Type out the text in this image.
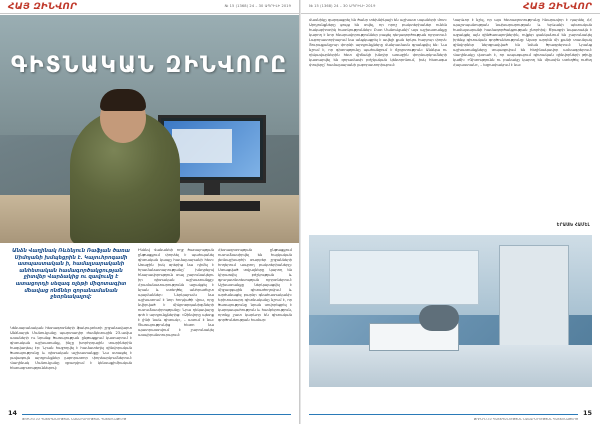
ՀԱՅ ԶԻՆՎՈՐ	№ 15 (1368) 24 – 30 ԱՊՐԻԼԻ 2019
ԳԻՏՆԱԿԱՆ ԶԻՆՎՈՐԸ
Անձն Վաղինակ Ռևենյուն Ռաֆյան ծառա Սիմոյանի խմպեցրին է. Կայուհրոգամի ատպաստական ի, համալսարականի անհետական համագործակցության ջիտվեր Վարձակից ու զավումը է ատացորդի սեզագ ռլեթի միզոտագիտ մեավաց ոնճներ զորանամանան ջեռրնակալով։
Կենսաբանական հետագոտների ֆակուլտետի շրջանավարտ Անձնարյե Մանուկյանը պարտադիր ժամկետային 23-ամյա ասաների ու նրանց ծառայության ընթացքում կատարում է գիտական աշխատանք, ինչը խորհրդային տարիներին հազվադեպ էր։ Նրան հաջողվել է համատեղել զինվորական ծառայությունը և գիտական աշխատանքը։ Նա ստացել է լավագույն արդյունքներ լաբորատոր փորձարկումներում։ Վաղինակ Մանուկյանը զբաղվում է կենսաքիմիական հետազոտություններով։
Ինձնվ Վանանեի ողջ ծառայության ընթացքում փորձել է պահպանել գիտական կապը համալսարանի հետ։ Առաջին իսկ օրերից նա դիմել է հրամանատարությանը՝ խնդրելով հնարավորություն տալ շարունակելու իր գիտական աշխատանքը։ Հրամանատարությունն աջակցել է նրան և ստեղծել անհրաժեշտ պայմաններ։ Ներկայումս նա աշխատում է նոր հոդվածի վրա, որը նվիրված է միկրոօրգանիզմների ուսումնասիրությանը։ Նրա ղեկավարը գոհ է արդյունքներից։ «Զինվորը պետք է լինի նաև գիտակ», – ասում է նա։ Ծառայությունից հետո նա պատրաստվում է շարունակել ասպիրանտուրայում։
Հետազոտության ընթացքում ուսումնասիրվել են հայկական լեռնաշխարհի տարբեր շրջանների հողերում ապրող բակտերիաները։ Ստացված տվյալները կարող են կիրառվել բժշկության և գյուղատնտեսության ոլորտներում։ Աշխատանքը ներկայացվել է միջազգային գիտաժողովում և արժանացել բարձր գնահատականի։ Երիտասարդ գիտնականը նշում է, որ ծառայությունը նրան սովորեցրել է կարգապահություն և համբերություն, որոնք շատ կարևոր են գիտական գործունեության համար։
14
ԹՈՒՆԻՍ ՀՀ ՊԱՇՏՊԱՆՈՒԹՅԱՆ ՆԱԽԱՐԱՐՈՒԹՅԱՆ ՊԱՇՏՈՆԱԹԵՐԹ
№ 15 (1368) 24 – 30 ԱՊՐԻԼԻ 2019	ՀԱՅ ԶԻՆՎՈՐ
մասնիկը զարգացրել են ծանր տեխնիկայի են աշխատ սպաների մոտ։ Արդյունքները ցույց են տվել, որ որոշ բակտերիաներ ունեն հակաբիոտիկ հատկություններ։ Ըստ Մանուկյանի՝ այս աշխատանքը կարող է նոր հնարավորություններ բացել դեղագործության ոլորտում։ Լաբորատորիայում նա անցկացրել է ավելի քան երկու հարյուր փորձ։ Յուրաքանչյուր փորձի արդյունքները մանրամասն գրանցվել են։ Նա նշում է, որ գիտությունը պահանջում է ճշգրտություն։ Անձնյա ու ղեկավարներին հետ վիճակի խնդիր առաջին փորձարկումների կատարվել են զորամասի բժշկական կենտրոնում, իսկ հետագա փուլերը՝ համալսարանի լաբորատորիայում։
Կարևոր է նշել, որ այս հետազոտությունը հնարավոր է դարձել ՀՀ պաշտպանության նախարարության և Երևանի պետական համալսարանի համագործակցության շնորհիվ։ Ծրագրի նպատակն է աջակցել այն զինծառայողներին, ովքեր ցանկանում են շարունակել իրենց գիտական գործունեությունը։ Այսօր արդեն մի քանի տասնյակ զինվորներ ներգրավված են նման ծրագրերում։ Նրանց աշխատանքները տպագրվում են հեղինակավոր ամսագրերում։ Վաղինակը վստահ է, որ ապագայում գիտական զինվորների թիվը կաճի։ «Գիտությունն ու բանակը կարող են միասին ստեղծել ուժեղ Հայաստան», – եզրափակում է նա։
ԵՐԱՍԽ ՀԱՄԵԼ
ԹՈՒՆԻՍ ՀՀ ՊԱՇՏՊԱՆՈՒԹՅԱՆ ՆԱԽԱՐԱՐՈՒԹՅԱՆ ՊԱՇՏՈՆԱԹԵՐԹ
15
